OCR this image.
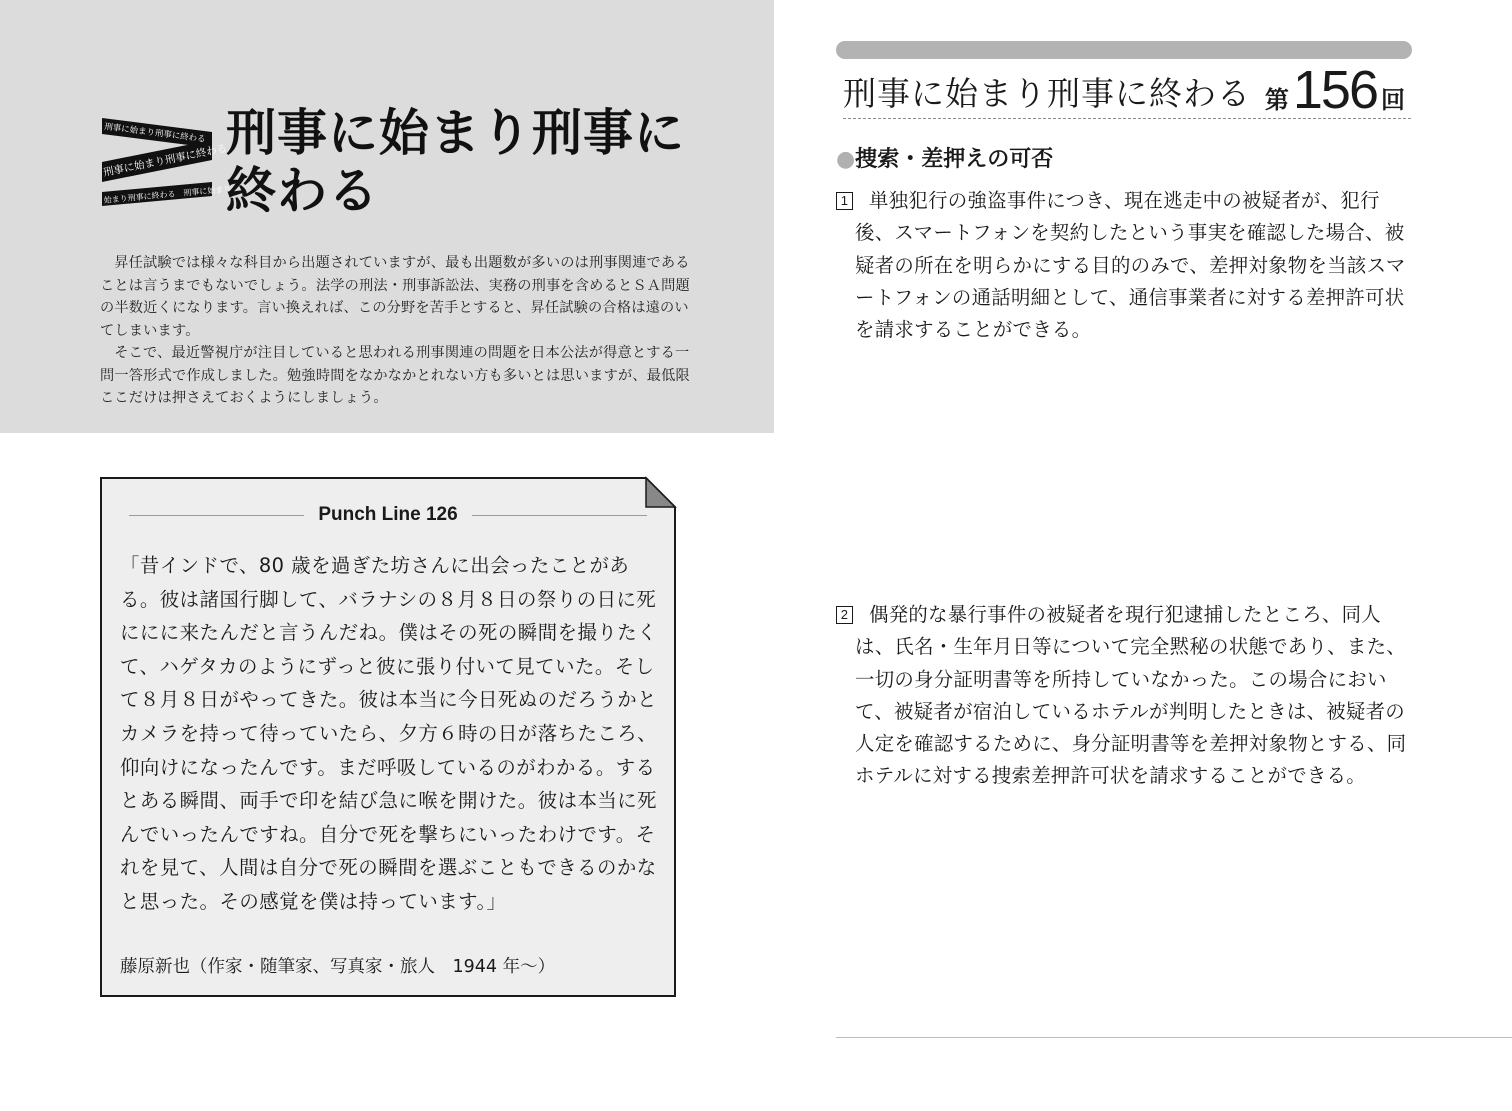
刑事に始まり刑事に終わる
刑事に始まり刑事に終わる
始まり刑事に終わる　刑事に始まり
刑事に始まり刑事に
終わる

昇任試験では様々な科目から出題されていますが、最も出題数が多いのは刑事関連であることは言うまでもないでしょう。法学の刑法・刑事訴訟法、実務の刑事を含めるとＳＡ問題の半数近くになります。言い換えれば、この分野を苦手とすると、昇任試験の合格は遠のいてしまいます。

そこで、最近警視庁が注目していると思われる刑事関連の問題を日本公法が得意とする一問一答形式で作成しました。勉強時間をなかなかとれない方も多いとは思いますが、最低限ここだけは押さえておくようにしましょう。

Punch Line 126

「昔インドで、80 歳を過ぎた坊さんに出会ったことがある。彼は諸国行脚して、バラナシの８月８日の祭りの日に死ににに来たんだと言うんだね。僕はその死の瞬間を撮りたくて、ハゲタカのようにずっと彼に張り付いて見ていた。そして８月８日がやってきた。彼は本当に今日死ぬのだろうかとカメラを持って待っていたら、夕方６時の日が落ちたころ、仰向けになったんです。まだ呼吸しているのがわかる。するとある瞬間、両手で印を結び急に喉を開けた。彼は本当に死んでいったんですね。自分で死を撃ちにいったわけです。それを見て、人間は自分で死の瞬間を選ぶこともできるのかなと思った。その感覚を僕は持っています。」

藤原新也（作家・随筆家、写真家・旅人　1944 年〜）

刑事に始まり刑事に終わる 第156 回
●捜索・差押えの可否

1 単独犯行の強盗事件につき、現在逃走中の被疑者が、犯行後、スマートフォンを契約したという事実を確認した場合、被疑者の所在を明らかにする目的のみで、差押対象物を当該スマートフォンの通話明細として、通信事業者に対する差押許可状を請求することができる。

2 偶発的な暴行事件の被疑者を現行犯逮捕したところ、同人は、氏名・生年月日等について完全黙秘の状態であり、また、一切の身分証明書等を所持していなかった。この場合において、被疑者が宿泊しているホテルが判明したときは、被疑者の人定を確認するために、身分証明書等を差押対象物とする、同ホテルに対する捜索差押許可状を請求することができる。
